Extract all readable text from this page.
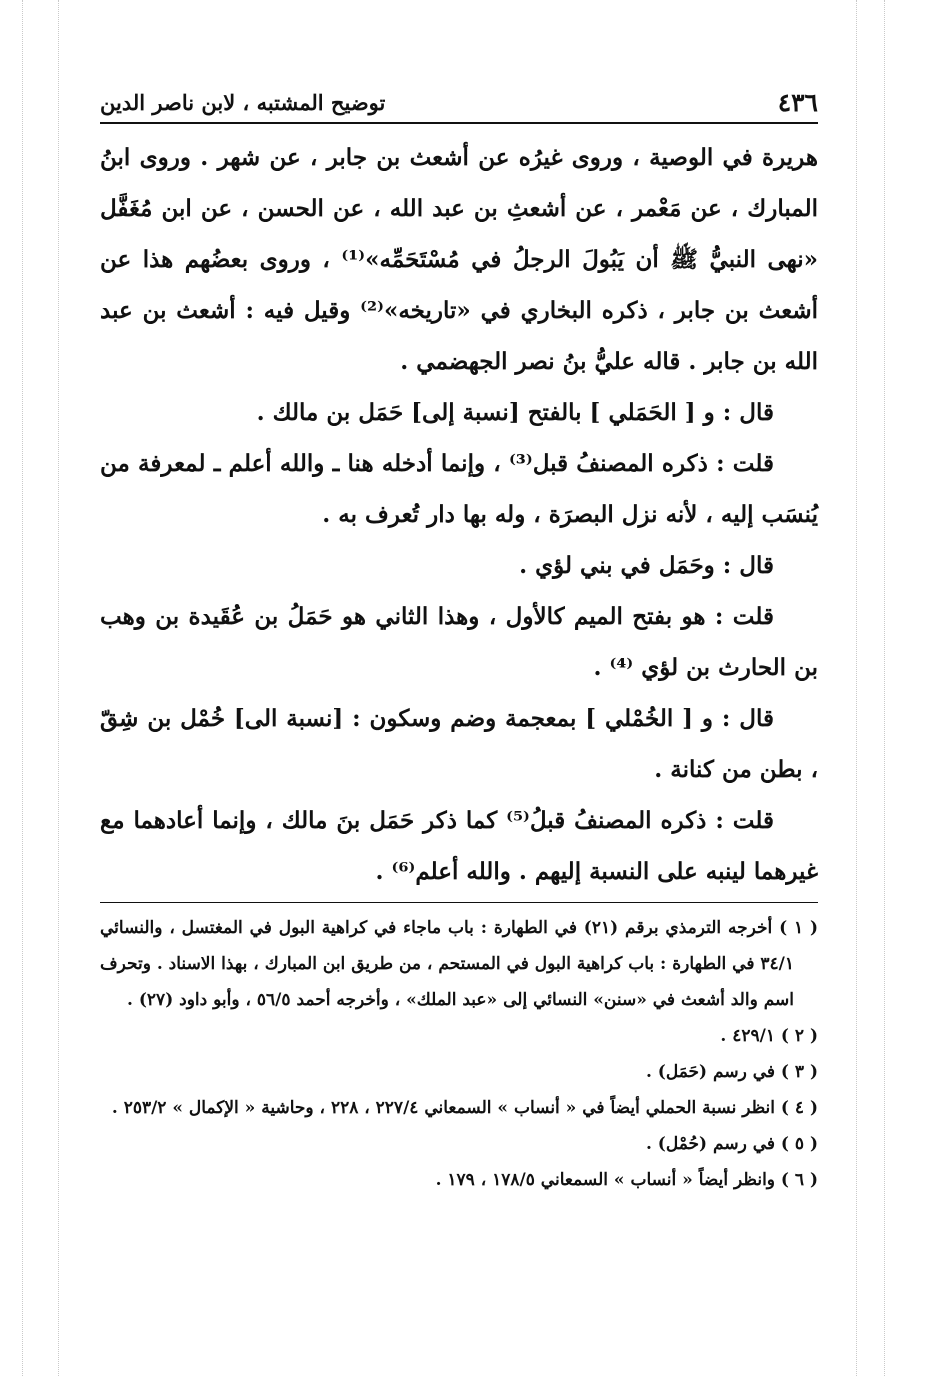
٤٣٦
توضيح المشتبه ، لابن ناصر الدين

هريرة في الوصية ، وروى غيرُه عن أشعث بن جابر ، عن شهر . وروى ابنُ المبارك ، عن مَعْمر ، عن أشعثِ بن عبد الله ، عن الحسن ، عن ابن مُغَفَّل «نهى النبيُّ ﷺ أن يَبُولَ الرجلُ في مُسْتَحَمِّه»⁽¹⁾ ، وروى بعضُهم هذا عن أشعث بن جابر ، ذكره البخاري في «تاريخه»⁽²⁾ وقيل فيه : أشعث بن عبد الله بن جابر . قاله عليُّ بنُ نصر الجهضمي .

قال : و [ الحَمَلي ] بالفتح [نسبة إلى] حَمَل بن مالك .

قلت : ذكره المصنفُ قبل⁽³⁾ ، وإنما أدخله هنا ـ والله أعلم ـ لمعرفة من يُنسَب إليه ، لأنه نزل البصرَة ، وله بها دار تُعرف به .

قال : وحَمَل في بني لؤي .

قلت : هو بفتح الميم كالأول ، وهذا الثاني هو حَمَلُ بن عُقَيدة بن وهب بن الحارث بن لؤي ⁽⁴⁾ .

قال : و [ الخُمْلي ] بمعجمة وضم وسكون : [نسبة الى] خُمْل بن شِقّ ، بطن من كنانة .

قلت : ذكره المصنفُ قبلُ⁽⁵⁾ كما ذكر حَمَل بنَ مالك ، وإنما أعادهما مع غيرهما لينبه على النسبة إليهم . والله أعلم⁽⁶⁾ .

( ١ ) أخرجه الترمذي برقم (٢١) في الطهارة : باب ماجاء في كراهية البول في المغتسل ، والنسائي ٣٤/١ في الطهارة : باب كراهية البول في المستحم ، من طريق ابن المبارك ، بهذا الاسناد . وتحرف اسم والد أشعث في «سنن» النسائي إلى «عبد الملك» ، وأخرجه أحمد ٥٦/٥ ، وأبو داود (٢٧) .

( ٢ ) ٤٢٩/١ .

( ٣ ) في رسم (حَمَل) .

( ٤ ) انظر نسبة الحملي أيضاً في « أنساب » السمعاني ٢٢٧/٤ ، ٢٢٨ ، وحاشية « الإكمال » ٢٥٣/٢ .

( ٥ ) في رسم (حُمْل) .

( ٦ ) وانظر أيضاً « أنساب » السمعاني ١٧٨/٥ ، ١٧٩ .
